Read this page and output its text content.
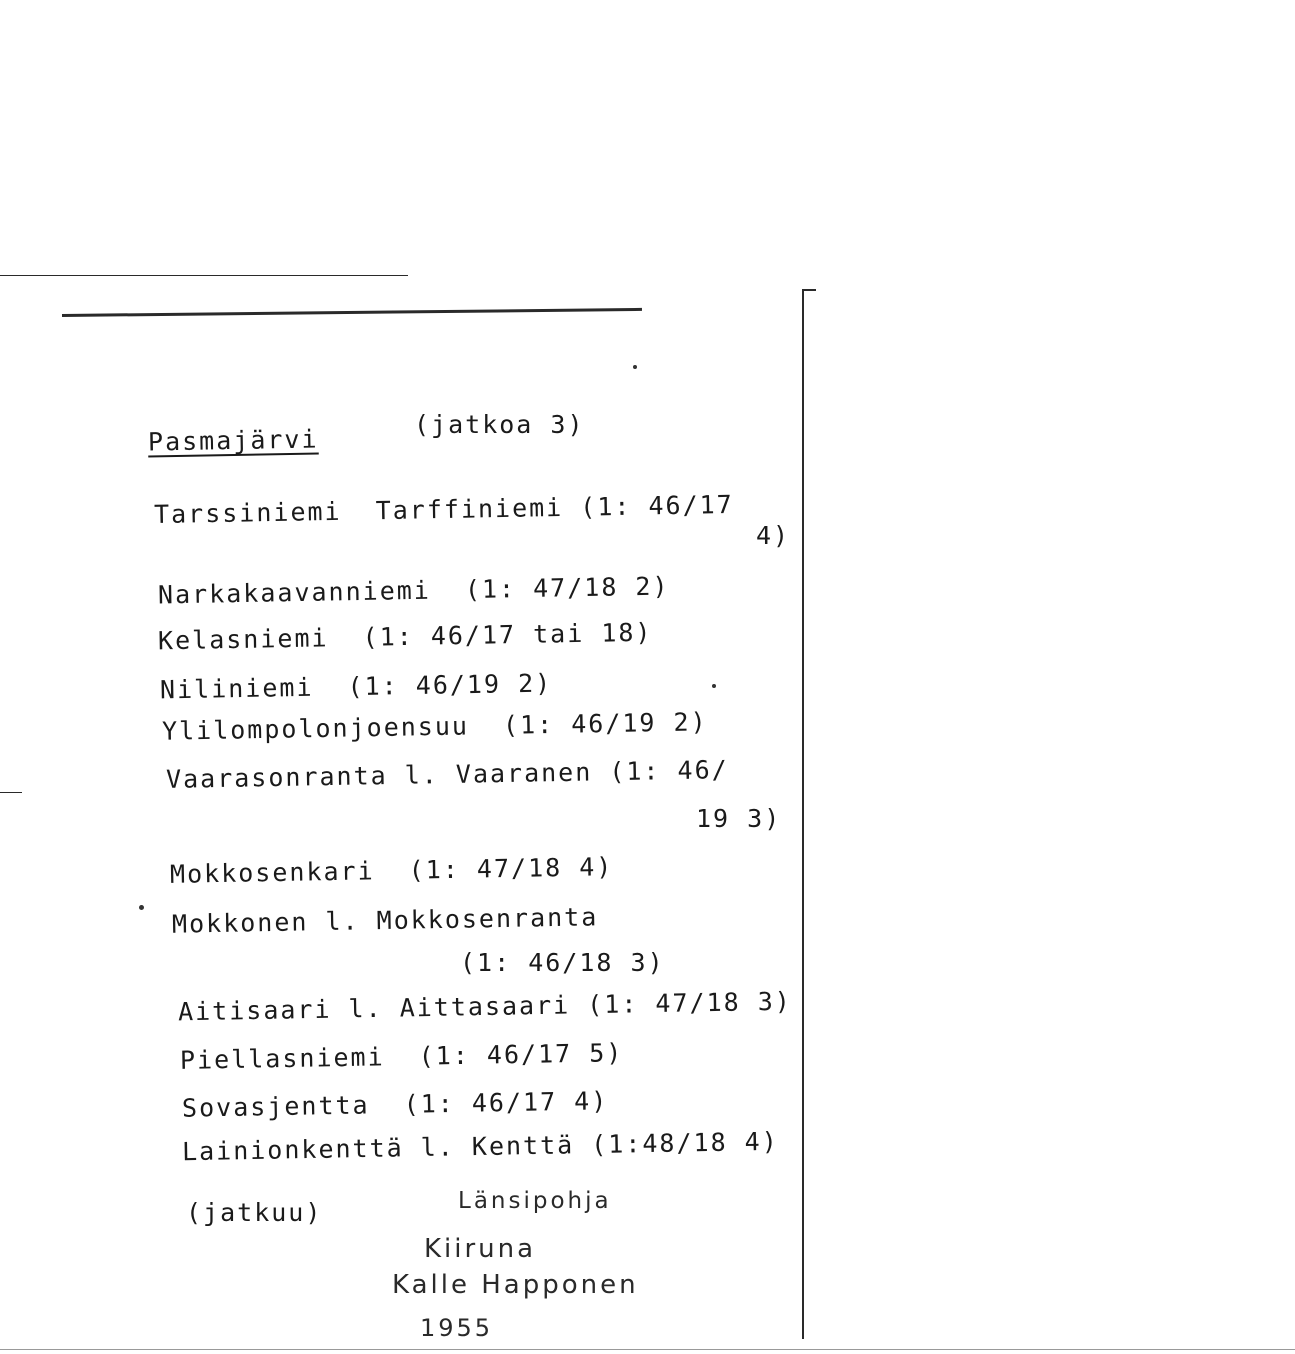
Pasmajärvi
(jatkoa 3)
Tarssiniemi  Tarffiniemi (1: 46/17
4)
Narkakaavanniemi  (1: 47/18 2)
Kelasniemi  (1: 46/17 tai 18)
Niliniemi  (1: 46/19 2)
Ylilompolonjoensuu  (1: 46/19 2)
Vaarasonranta l. Vaaranen (1: 46/
19 3)
Mokkosenkari  (1: 47/18 4)
Mokkonen l. Mokkosenranta
(1: 46/18 3)
Aitisaari l. Aittasaari (1: 47/18 3)
Piellasniemi  (1: 46/17 5)
Sovasjentta  (1: 46/17 4)
Lainionkenttä l. Kenttä (1:48/18 4)
(jatkuu)	Länsipohja
Kiiruna
Kalle Happonen
1955
